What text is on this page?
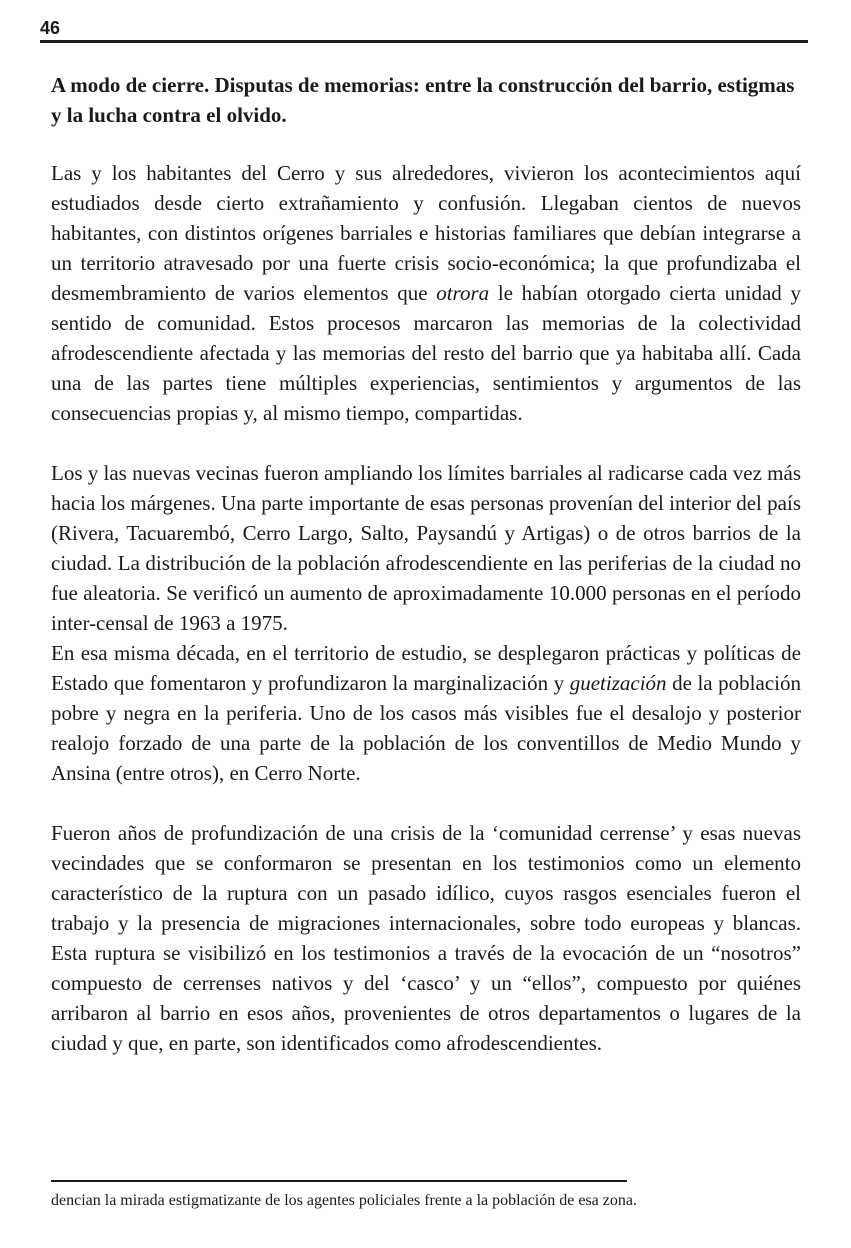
46
A modo de cierre. Disputas de memorias: entre la construcción del barrio, estigmas y la lucha contra el olvido.

Las y los habitantes del Cerro y sus alrededores, vivieron los acontecimientos aquí estudiados desde cierto extrañamiento y confusión. Llegaban cientos de nuevos habitantes, con distintos orígenes barriales e historias familiares que debían integrarse a un territorio atravesado por una fuerte crisis socio-económica; la que profundizaba el desmembramiento de varios elementos que otrora le habían otorgado cierta unidad y sentido de comunidad. Estos procesos marcaron las memorias de la colectividad afrodescendiente afectada y las memorias del resto del barrio que ya habitaba allí. Cada una de las partes tiene múltiples experiencias, sentimientos y argumentos de las consecuencias propias y, al mismo tiempo, compartidas.

Los y las nuevas vecinas fueron ampliando los límites barriales al radicarse cada vez más hacia los márgenes. Una parte importante de esas personas provenían del interior del país (Rivera, Tacuarembó, Cerro Largo, Salto, Paysandú y Artigas) o de otros barrios de la ciudad. La distribución de la población afrodescendiente en las periferias de la ciudad no fue aleatoria. Se verificó un aumento de aproximadamente 10.000 personas en el período inter-censal de 1963 a 1975.

En esa misma década, en el territorio de estudio, se desplegaron prácticas y políticas de Estado que fomentaron y profundizaron la marginalización y guetización de la población pobre y negra en la periferia. Uno de los casos más visibles fue el desalojo y posterior realojo forzado de una parte de la población de los conventillos de Medio Mundo y Ansina (entre otros), en Cerro Norte.

Fueron años de profundización de una crisis de la ‘comunidad cerrense’ y esas nuevas vecindades que se conformaron se presentan en los testimonios como un elemento característico de la ruptura con un pasado idílico, cuyos rasgos esenciales fueron el trabajo y la presencia de migraciones internacionales, sobre todo europeas y blancas. Esta ruptura se visibilizó en los testimonios a través de la evocación de un “nosotros” compuesto de cerrenses nativos y del ‘casco’ y un “ellos”, compuesto por quiénes arribaron al barrio en esos años, provenientes de otros departamentos o lugares de la ciudad y que, en parte, son identificados como afrodescendientes.

dencian la mirada estigmatizante de los agentes policiales frente a la población de esa zona.
